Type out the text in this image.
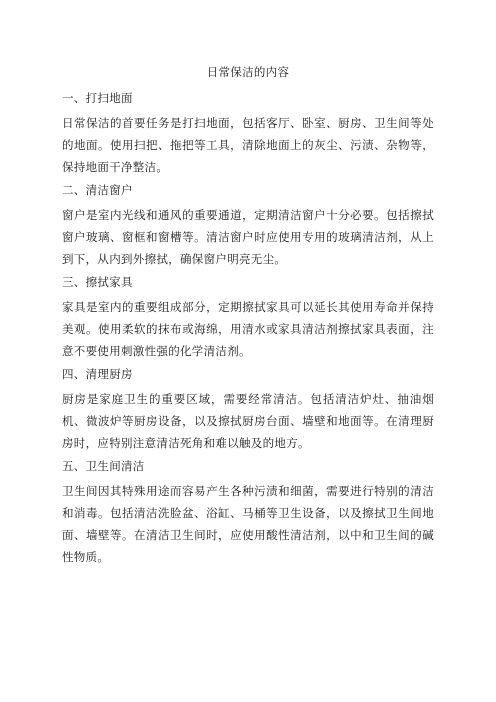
日常保洁的内容
一、打扫地面

日常保洁的首要任务是打扫地面，包括客厅、卧室、厨房、卫生间等处的地面。使用扫把、拖把等工具，清除地面上的灰尘、污渍、杂物等，保持地面干净整洁。

二、清洁窗户

窗户是室内光线和通风的重要通道，定期清洁窗户十分必要。包括擦拭窗户玻璃、窗框和窗槽等。清洁窗户时应使用专用的玻璃清洁剂，从上到下，从内到外擦拭，确保窗户明亮无尘。

三、擦拭家具

家具是室内的重要组成部分，定期擦拭家具可以延长其使用寿命并保持美观。使用柔软的抹布或海绵，用清水或家具清洁剂擦拭家具表面，注意不要使用刺激性强的化学清洁剂。

四、清理厨房

厨房是家庭卫生的重要区域，需要经常清洁。包括清洁炉灶、抽油烟机、微波炉等厨房设备，以及擦拭厨房台面、墙壁和地面等。在清理厨房时，应特别注意清洁死角和难以触及的地方。

五、卫生间清洁

卫生间因其特殊用途而容易产生各种污渍和细菌，需要进行特别的清洁和消毒。包括清洁洗脸盆、浴缸、马桶等卫生设备，以及擦拭卫生间地面、墙壁等。在清洁卫生间时，应使用酸性清洁剂，以中和卫生间的碱性物质。
